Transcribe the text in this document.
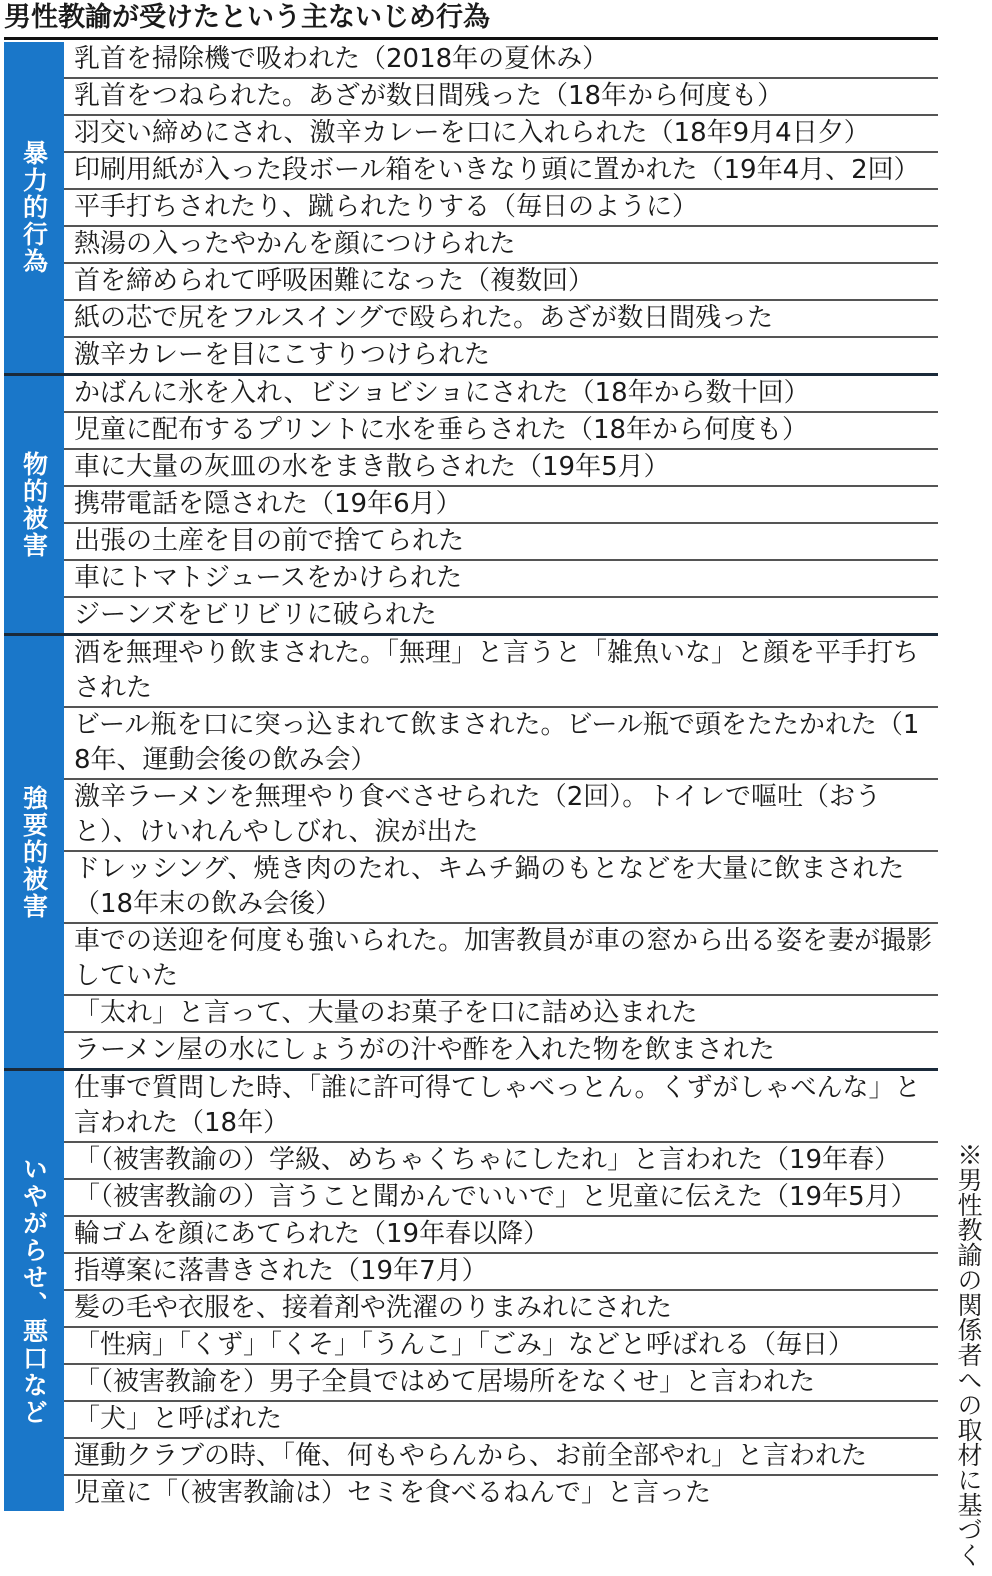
男性教諭が受けたという主ないじめ行為
暴力的行為
乳首を掃除機で吸われた（2018年の夏休み）
乳首をつねられた。あざが数日間残った（18年から何度も）
羽交い締めにされ、激辛カレーを口に入れられた（18年9月4日夕）
印刷用紙が入った段ボール箱をいきなり頭に置かれた（19年4月、2回）
平手打ちされたり、蹴られたりする（毎日のように）
熱湯の入ったやかんを顔につけられた
首を締められて呼吸困難になった（複数回）
紙の芯で尻をフルスイングで殴られた。あざが数日間残った
激辛カレーを目にこすりつけられた
物的被害
かばんに氷を入れ、ビショビショにされた（18年から数十回）
児童に配布するプリントに水を垂らされた（18年から何度も）
車に大量の灰皿の水をまき散らされた（19年5月）
携帯電話を隠された（19年6月）
出張の土産を目の前で捨てられた
車にトマトジュースをかけられた
ジーンズをビリビリに破られた
強要的被害
酒を無理やり飲まされた。「無理」と言うと「雑魚いな」と顔を平手打ちされた
ビール瓶を口に突っ込まれて飲まされた。ビール瓶で頭をたたかれた（18年、運動会後の飲み会）
激辛ラーメンを無理やり食べさせられた（2回）。トイレで嘔吐（おうと）、けいれんやしびれ、涙が出た
ドレッシング、焼き肉のたれ、キムチ鍋のもとなどを大量に飲まされた（18年末の飲み会後）
車での送迎を何度も強いられた。加害教員が車の窓から出る姿を妻が撮影していた
「太れ」と言って、大量のお菓子を口に詰め込まれた
ラーメン屋の水にしょうがの汁や酢を入れた物を飲まされた
いやがらせ、悪口など
仕事で質問した時、「誰に許可得てしゃべっとん。くずがしゃべんな」と言われた（18年）
「（被害教諭の）学級、めちゃくちゃにしたれ」と言われた（19年春）
「（被害教諭の）言うこと聞かんでいいで」と児童に伝えた（19年5月）
輪ゴムを顔にあてられた（19年春以降）
指導案に落書きされた（19年7月）
髪の毛や衣服を、接着剤や洗濯のりまみれにされた
「性病」「くず」「くそ」「うんこ」「ごみ」などと呼ばれる（毎日）
「（被害教諭を）男子全員ではめて居場所をなくせ」と言われた
「犬」と呼ばれた
運動クラブの時、「俺、何もやらんから、お前全部やれ」と言われた
児童に「（被害教諭は）セミを食べるねんで」と言った	※男性教諭の関係者への取材に基づく
